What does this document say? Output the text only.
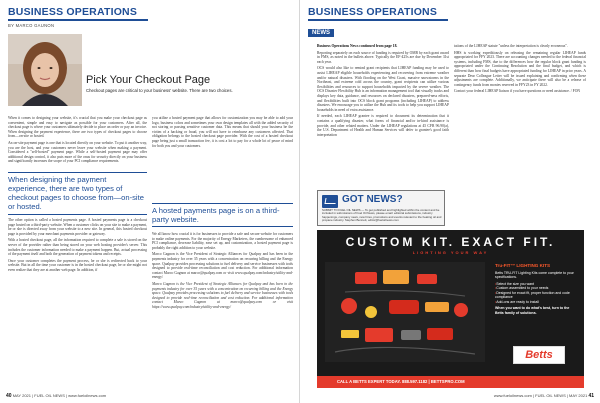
BUSINESS OPERATIONS
BY MARCO GAUNON
Pick Your Checkout Page
Checkout pages are critical to your business' website. There are two choices.

When it comes to designing your website, it's crucial that you make your checkout page as convenient, simple and easy to navigate as possible for your customers. After all, the checkout page is where your customers ultimately decide to place an order or pay an invoice. When designing the payment experience, there are two types of checkout pages to choose from—on-site or hosted.

An on-site payment page is one that is located directly on your website. To put it another way, you are the host, and your customers never leave your website when making a payment. Considered a "self-hosted" payment page. While a self-hosted payment page may offer additional design control, it also puts more of the onus for security directly on your business and significantly increases the scope of your PCI compliance requirements.

you utilize a hosted payment page that allows for customization you may be able to add your logo, business colors and sometimes your own design templates all with the added security of not storing or passing sensitive customer data. This means that should your business be the victim of a hacking or fraud, you will not have to reimburse any customers affected. That obligation belongs to the hosted checkout page provider. With the cost of a hosted checkout page being just a small transaction fee, it is cost a lot to pay for a whole lot of peace of mind for both you and your customers.

When designing the payment experience, there are two types of checkout pages to choose from—on-site or hosted.	A hosted payments page is on a third-party website.

The other option is called a hosted payments page. A hosted payments page is a checkout page hosted on a third-party website. When a customer clicks on your site to make a payment, he or she is directed away from your website to a new site. In general, this hosted checkout page is provided by your merchant payments provider or gateway.

With a hosted checkout page, all the information required to complete a sale is stored on the server of the provider rather than being stored on your web hosting provider's server. This includes the customer information needed to make a payment happen. But, actual processing of the payment itself and both the generation of payment tokens and receipts.

Once your customer completes the payment process, he or she is redirected back to your website. But in all the time your customer is in the hosted checkout page, he or she might not even realize that they are at another web page. In addition, if

We all know how crucial it is for businesses to provide a safe and secure website for customers to make online payments. For the majority of Energy Marketers, the cumbersome of enhanced PCI compliance, decrease liability, ease set up, and customization, a hosted payment page is probably the right addition to your website.

Marco Gagnon is the Vice President of Strategic Alliances for Qualpay and has been in the payments industry for over 35 years with a concentration on recurring billing and the Energy space. Qualpay provides processing solutions to fuel delivery and service businesses with tools designed to provide real-time reconciliation and cost reduction. For additional information contact Marco Gagnon at marco@qualpay.com or visit www.qualpay.com/industry/utility-and-energy/

Marco Gagnon is the Vice President of Strategic Alliances for Qualpay and has been in the payments industry for over 35 years with a concentration on recurring billing and the Energy space. Qualpay provides processing solutions to fuel delivery and service businesses with tools designed to provide real-time reconciliation and cost reduction. For additional information contact Marco Gagnon at marco@qualpay.com or visit https://www.qualpay.com/industry/utility-and-energy/

40 MAY 2021 | FUEL OIL NEWS | www.fueloilnews.com
BUSINESS OPERATIONS
NEWS

Business Operations News continued from page 18.

Reporting separately on each source of funding is required by OMB by each grant award in FMS, as noted in the bullets above. Typically the EF-425s are due by December 31st each year.

OCS would also like to remind grant recipients that LIHEAP funding may be used to assist LIHEAP eligible households experiencing and recovering from extreme weather and/or natural disasters. With flooding on the West Coast, massive snowstorms in the Northeast, and extreme cold across the country, grant recipients can utilize various flexibilities and resources to support households impacted by the severe weather. The OCS Disaster Flexibility Hub is an information management tool that visually tracks and displays key data, guidance, and resources on declared disasters, prepared-ness efforts, and flexibilities built into OCS block grant programs (including LIHEAP) to address disasters. We encourage you to utilize the Hub and its tools to help you support LIHEAP households in need of extra assistance.

If needed, each LIHEAP grantee is required to document its determination that it contains a qualifying disaster, what forms of financial and/or in-kind assistance is provide, and other related matters. Under the LIHEAP regulations at 45 CFR 96.90(a), the U.S. Department of Health and Human Services will defer to grantee's good faith interpretation

tations of the LIHEAP statute "unless the interpretation is clearly erroneous".

HHS is working expeditiously on releasing the remaining regular LIHEAP funds appropriated for FFY 2023. There are accounting changes needed to the federal financial systems, including FMS, due to the differences how the regular block grant funding is appropriated under the Continuing Resolution and the final budget, and which is different than how final budgets have appropriated funding for LIHEAP in prior years. A separate Dear Colleague Letter will be issued explaining and confirming when these adjustments are complete. Additionally, we anticipate there will also be a release of contingency funds from monies reserved in FFY23 in FY 2022.

Contact your federal LIHEAP liaison if you have questions or need assistance. / FON

GOT NEWS?
SUBMIT TO FUEL OIL NEWS — To get published and highlighted within the content and be included in submissions of Fuel Oil News, please email: editorial submissions, industry happenings, company news, new hires, promotions and events relevant to the heating oil and propane industry. Stephen Bennett, editor@fueloilnews.com
CUSTOM KIT. EXACT FIT.
LIGHTING YOUR WAY
Tru-FIT™ LIGHTING KITS
Betts TRU-FIT Lighting Kits come complete to your specifications.
• Select the size you want
• Custom assembled to your needs
• Designed for exact fit, proper function and code compliance
• Add-ons are ready to install
When you want to do what's best, turn to the Betts family of solutions.
Betts
CALL A BETTS EXPERT TODAY. 888.597.1182 | BETTSPRO.COM
www.fueloilnews.com | FUEL OIL NEWS | MAY 2021 41
